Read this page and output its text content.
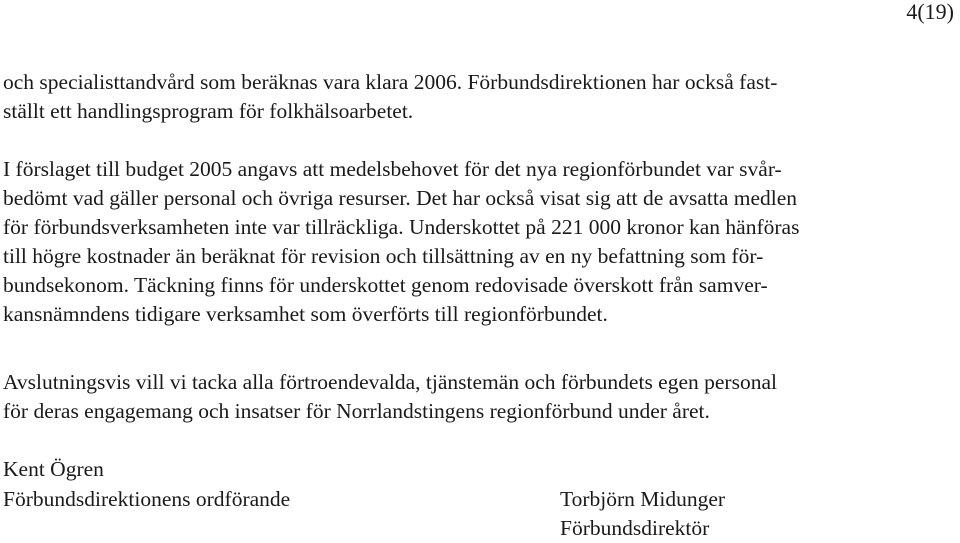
4(19)

och specialisttandvård som beräknas vara klara 2006. Förbundsdirektionen har också fast-
ställt ett handlingsprogram för folkhälsoarbetet.

I förslaget till budget 2005 angavs att medelsbehovet för det nya regionförbundet var svår-
bedömt vad gäller personal och övriga resurser. Det har också visat sig att de avsatta medlen
för förbundsverksamheten inte var tillräckliga. Underskottet på 221 000 kronor kan hänföras
till högre kostnader än beräknat för revision och tillsättning av en ny befattning som för-
bundsekonom. Täckning finns för underskottet genom redovisade överskott från samver-
kansnämndens tidigare verksamhet som överförts till regionförbundet.

Avslutningsvis vill vi tacka alla förtroendevalda, tjänstemän och förbundets egen personal
för deras engagemang och insatser för Norrlandstingens regionförbund under året.

Kent Ögren
Förbundsdirektionens ordförande	Torbjörn Midunger
Förbundsdirektör
